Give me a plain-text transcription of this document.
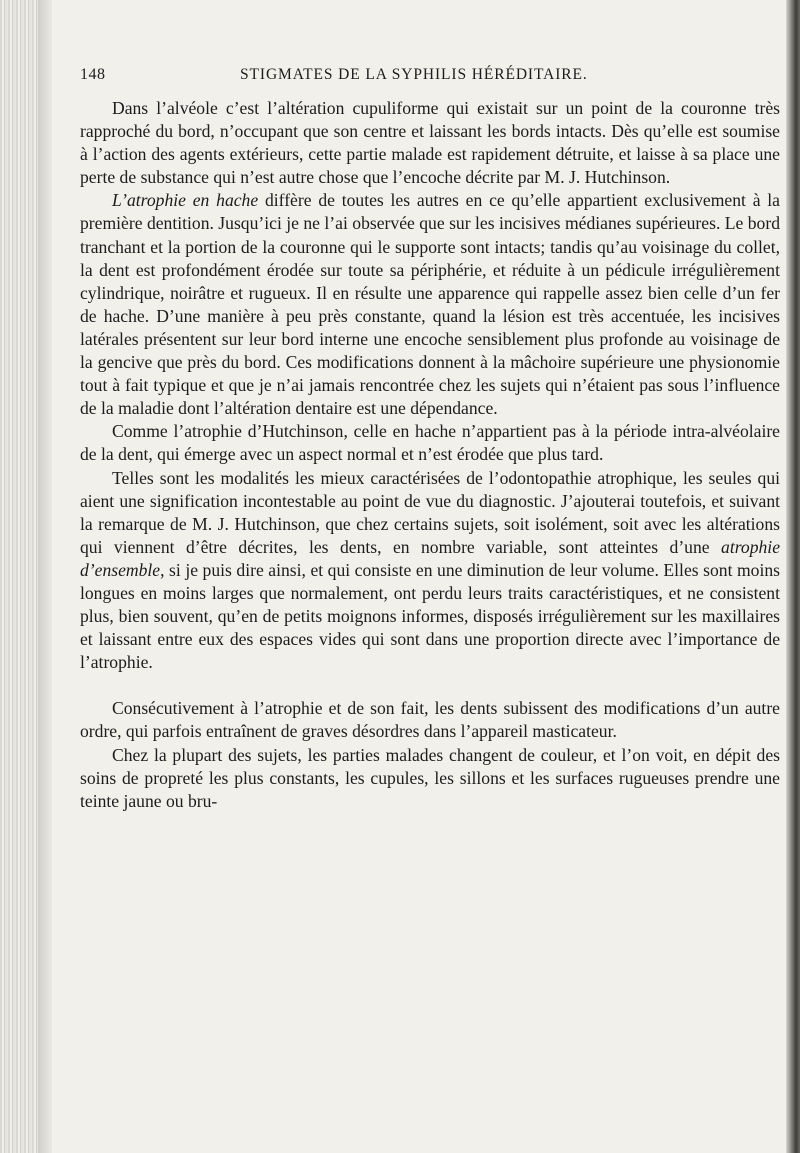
148	STIGMATES DE LA SYPHILIS HÉRÉDITAIRE.

Dans l’alvéole c’est l’altération cupuliforme qui existait sur un point de la couronne très rapproché du bord, n’occupant que son centre et laissant les bords intacts. Dès qu’elle est soumise à l’action des agents extérieurs, cette partie malade est rapidement détruite, et laisse à sa place une perte de substance qui n’est autre chose que l’encoche décrite par M. J. Hutchinson.

L’atrophie en hache diffère de toutes les autres en ce qu’elle appartient exclusivement à la première dentition. Jusqu’ici je ne l’ai observée que sur les incisives médianes supérieures. Le bord tranchant et la portion de la couronne qui le supporte sont intacts; tandis qu’au voisinage du collet, la dent est profondément érodée sur toute sa périphérie, et réduite à un pédicule irrégulièrement cylindrique, noirâtre et rugueux. Il en résulte une apparence qui rappelle assez bien celle d’un fer de hache. D’une manière à peu près constante, quand la lésion est très accentuée, les incisives latérales présentent sur leur bord interne une encoche sensiblement plus profonde au voisinage de la gencive que près du bord. Ces modifications donnent à la mâchoire supérieure une physionomie tout à fait typique et que je n’ai jamais rencontrée chez les sujets qui n’étaient pas sous l’influence de la maladie dont l’altération dentaire est une dépendance.

Comme l’atrophie d’Hutchinson, celle en hache n’appartient pas à la période intra-alvéolaire de la dent, qui émerge avec un aspect normal et n’est érodée que plus tard.

Telles sont les modalités les mieux caractérisées de l’odontopathie atrophique, les seules qui aient une signification incontestable au point de vue du diagnostic. J’ajouterai toutefois, et suivant la remarque de M. J. Hutchinson, que chez certains sujets, soit isolément, soit avec les altérations qui viennent d’être décrites, les dents, en nombre variable, sont atteintes d’une atrophie d’ensemble, si je puis dire ainsi, et qui consiste en une diminution de leur volume. Elles sont moins longues en moins larges que normalement, ont perdu leurs traits caractéristiques, et ne consistent plus, bien souvent, qu’en de petits moignons informes, disposés irrégulièrement sur les maxillaires et laissant entre eux des espaces vides qui sont dans une proportion directe avec l’importance de l’atrophie.

Consécutivement à l’atrophie et de son fait, les dents subissent des modifications d’un autre ordre, qui parfois entraînent de graves désordres dans l’appareil masticateur.

Chez la plupart des sujets, les parties malades changent de couleur, et l’on voit, en dépit des soins de propreté les plus constants, les cupules, les sillons et les surfaces rugueuses prendre une teinte jaune ou bru-
